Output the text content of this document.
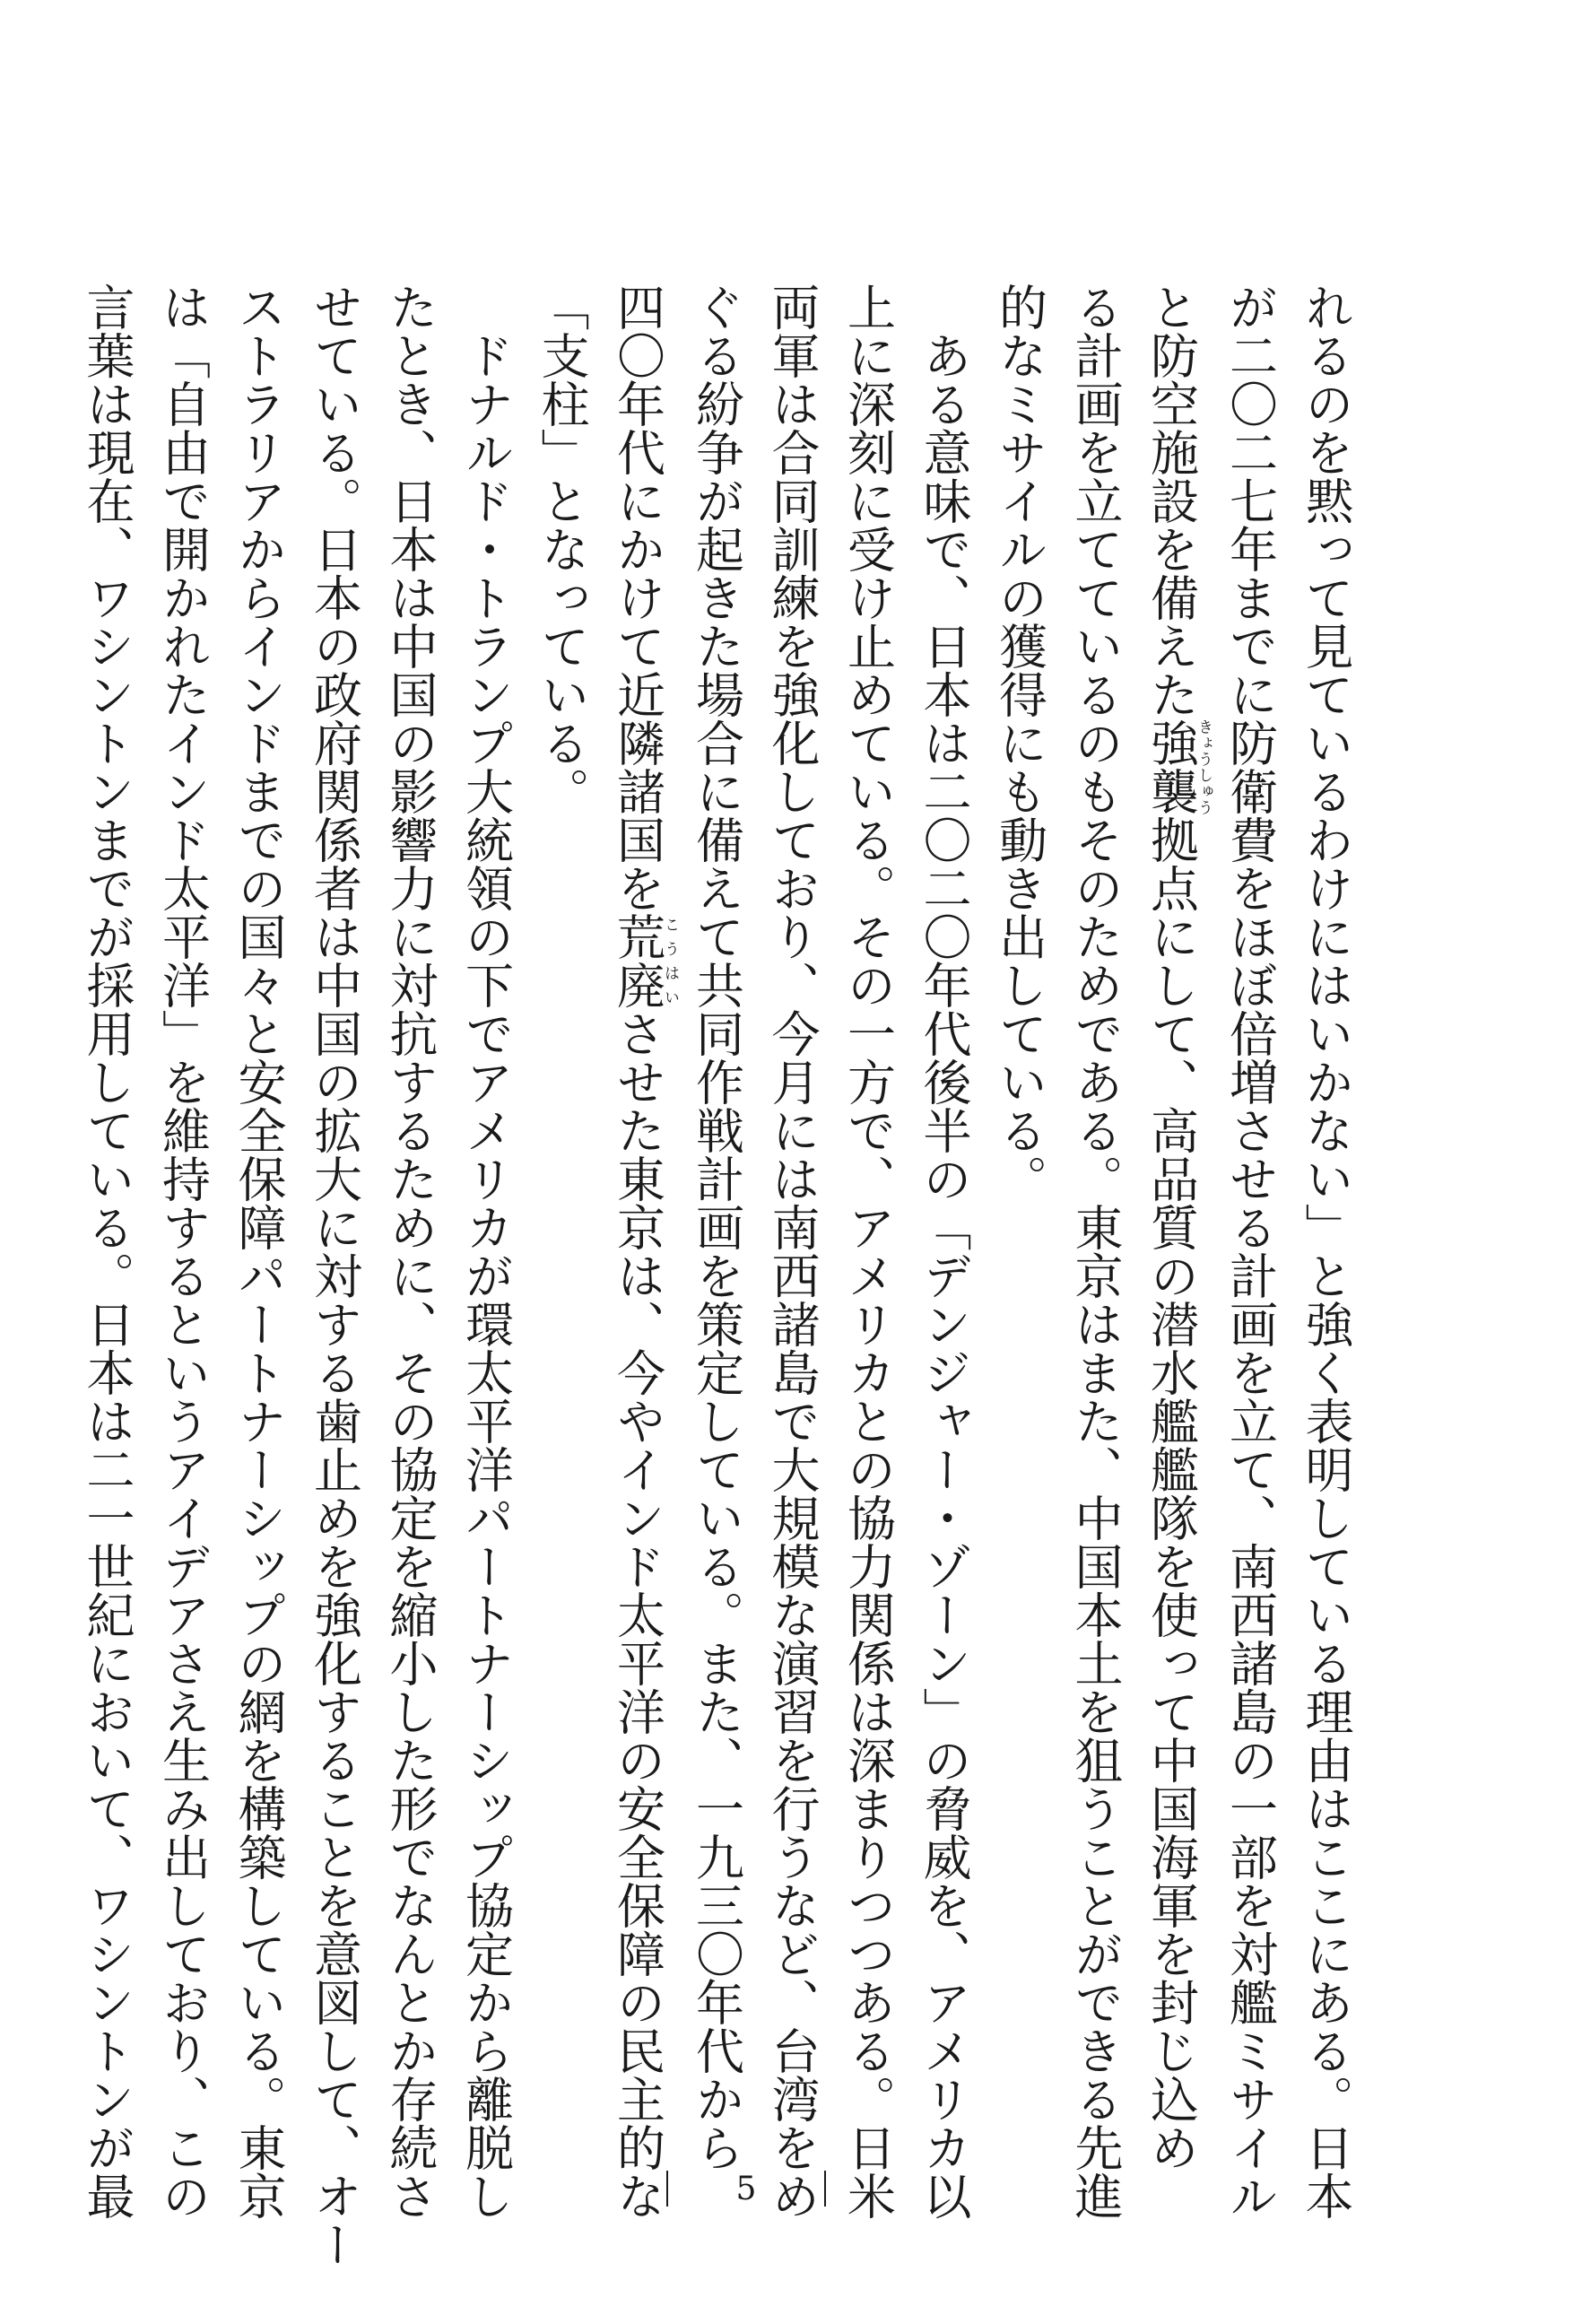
れるのを黙って見ているわけにはいかない」と強く表明している理由はここにある。日本
が二〇二七年までに防衛費をほぼ倍増させる計画を立て、南西諸島の一部を対艦ミサイル
と防空施設を備えた強襲きょうしゅう拠点にして、高品質の潜水艦艦隊を使って中国海軍を封じ込め
る計画を立てているのもそのためである。東京はまた、中国本土を狙うことができる先進
的なミサイルの獲得にも動き出している。
ある意味で、日本は二〇二〇年代後半の「デンジャー・ゾーン」の脅威を、アメリカ以
上に深刻に受け止めている。その一方で、アメリカとの協力関係は深まりつつある。日米
両軍は合同訓練を強化しており、今月には南西諸島で大規模な演習を行うなど、台湾をめ
ぐる紛争が起きた場合に備えて共同作戦計画を策定している。また、一九三〇年代から
四〇年代にかけて近隣諸国を荒廃こうはいさせた東京は、今やインド太平洋の安全保障の民主的な
「支柱」となっている。
ドナルド・トランプ大統領の下でアメリカが環太平洋パートナーシップ協定から離脱し
たとき、日本は中国の影響力に対抗するために、その協定を縮小した形でなんとか存続さ
せている。日本の政府関係者は中国の拡大に対する歯止めを強化することを意図して、オー
ストラリアからインドまでの国々と安全保障パートナーシップの網を構築している。東京
は「自由で開かれたインド太平洋」を維持するというアイデアさえ生み出しており、この
言葉は現在、ワシントンまでが採用している。日本は二一世紀において、ワシントンが最	5
